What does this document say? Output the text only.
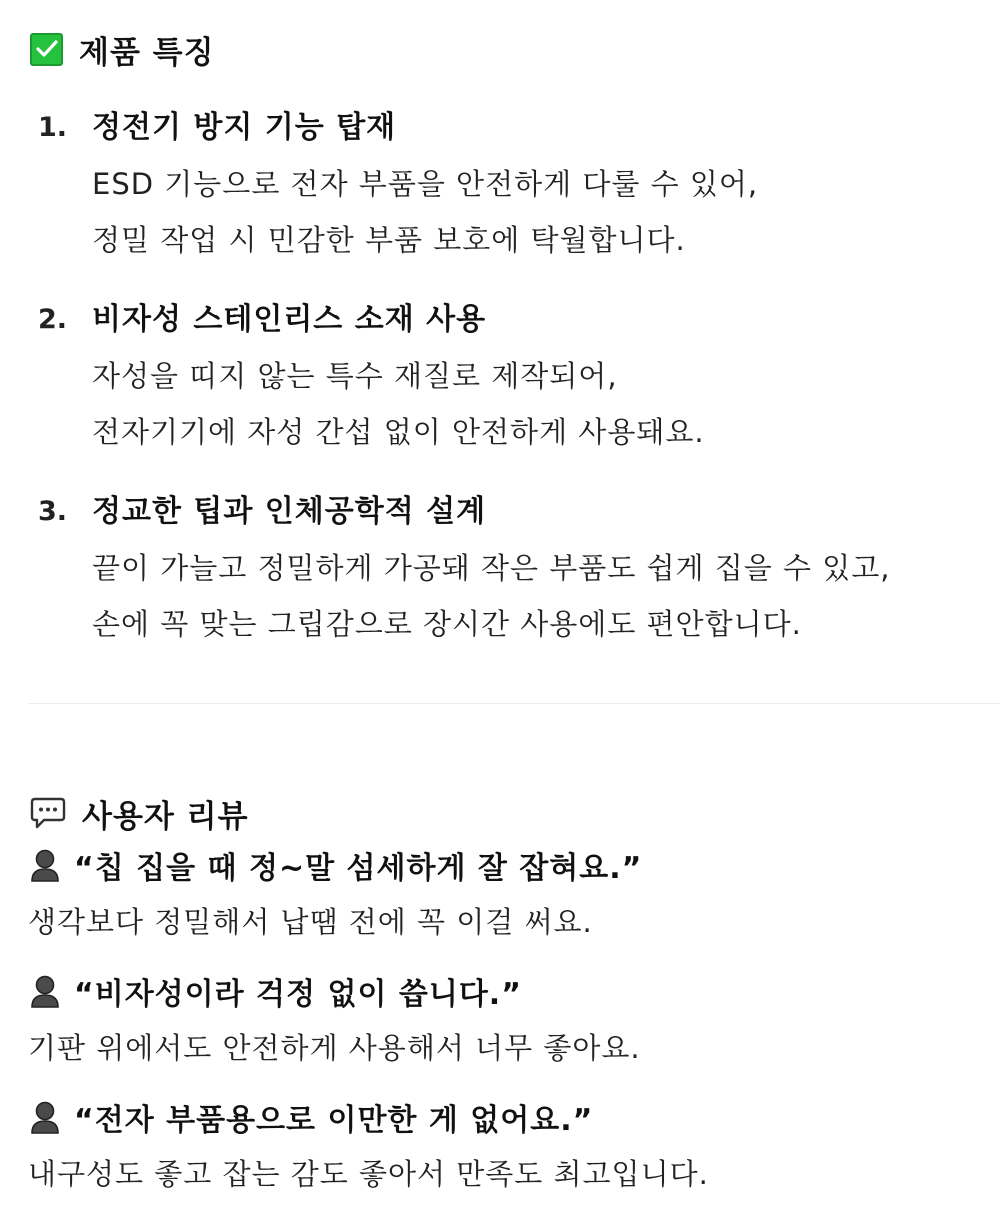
제품 특징
1. 정전기 방지 기능 탑재
ESD 기능으로 전자 부품을 안전하게 다룰 수 있어,
정밀 작업 시 민감한 부품 보호에 탁월합니다.
2. 비자성 스테인리스 소재 사용
자성을 띠지 않는 특수 재질로 제작되어,
전자기기에 자성 간섭 없이 안전하게 사용돼요.
3. 정교한 팁과 인체공학적 설계
끝이 가늘고 정밀하게 가공돼 작은 부품도 쉽게 집을 수 있고,
손에 꼭 맞는 그립감으로 장시간 사용에도 편안합니다.
사용자 리뷰
“칩 집을 때 정~말 섬세하게 잘 잡혀요.”
생각보다 정밀해서 납땜 전에 꼭 이걸 써요.
“비자성이라 걱정 없이 씁니다.”
기판 위에서도 안전하게 사용해서 너무 좋아요.
“전자 부품용으로 이만한 게 없어요.”
내구성도 좋고 잡는 감도 좋아서 만족도 최고입니다.
